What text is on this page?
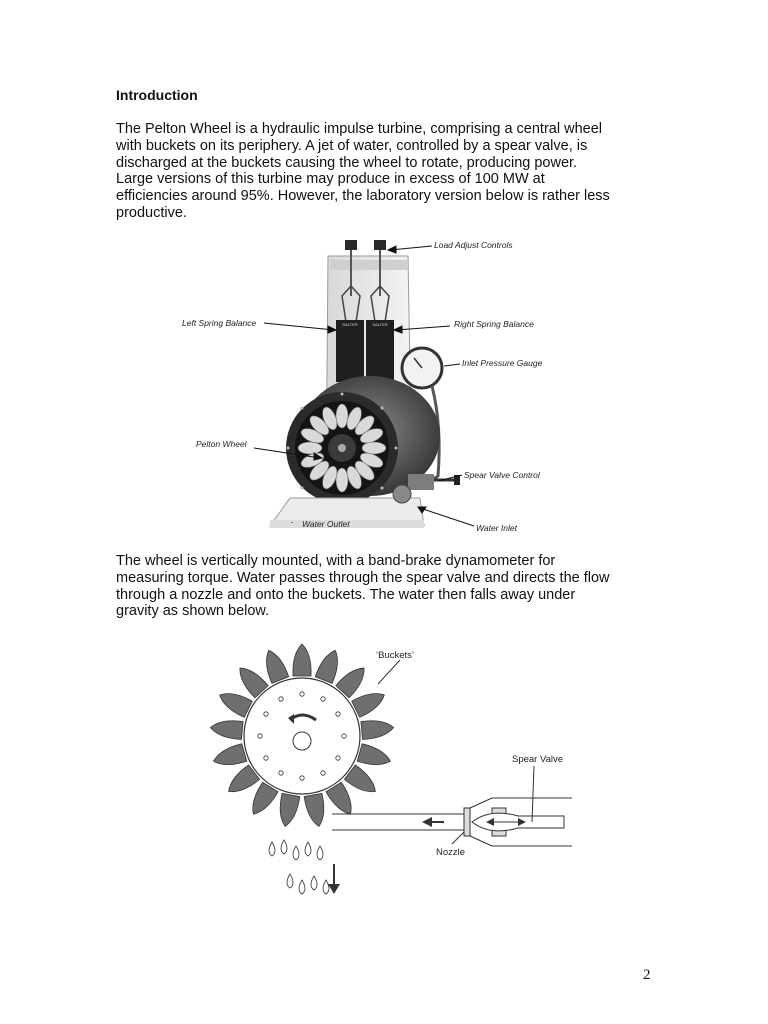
Introduction
The Pelton Wheel is a hydraulic impulse turbine, comprising a central wheel
with buckets on its periphery. A jet of water, controlled by a spear valve, is
discharged at the buckets causing the wheel to rotate, producing power.
Large versions of this turbine may produce in excess of 100 MW at
efficiencies around 95%. However, the laboratory version below is rather less
productive.
SALTER	SALTER
Load Adjust Controls
Left Spring Balance	Right Spring Balance
Inlet Pressure Gauge
Pelton Wheel
Spear Valve Control
Water Outlet	Water Inlet
The wheel is vertically mounted, with a band-brake dynamometer for
measuring torque. Water passes through the spear valve and directs the flow
through a nozzle and onto the buckets. The water then falls away under
gravity as shown below.
‘Buckets’
Spear Valve
Nozzle
2
